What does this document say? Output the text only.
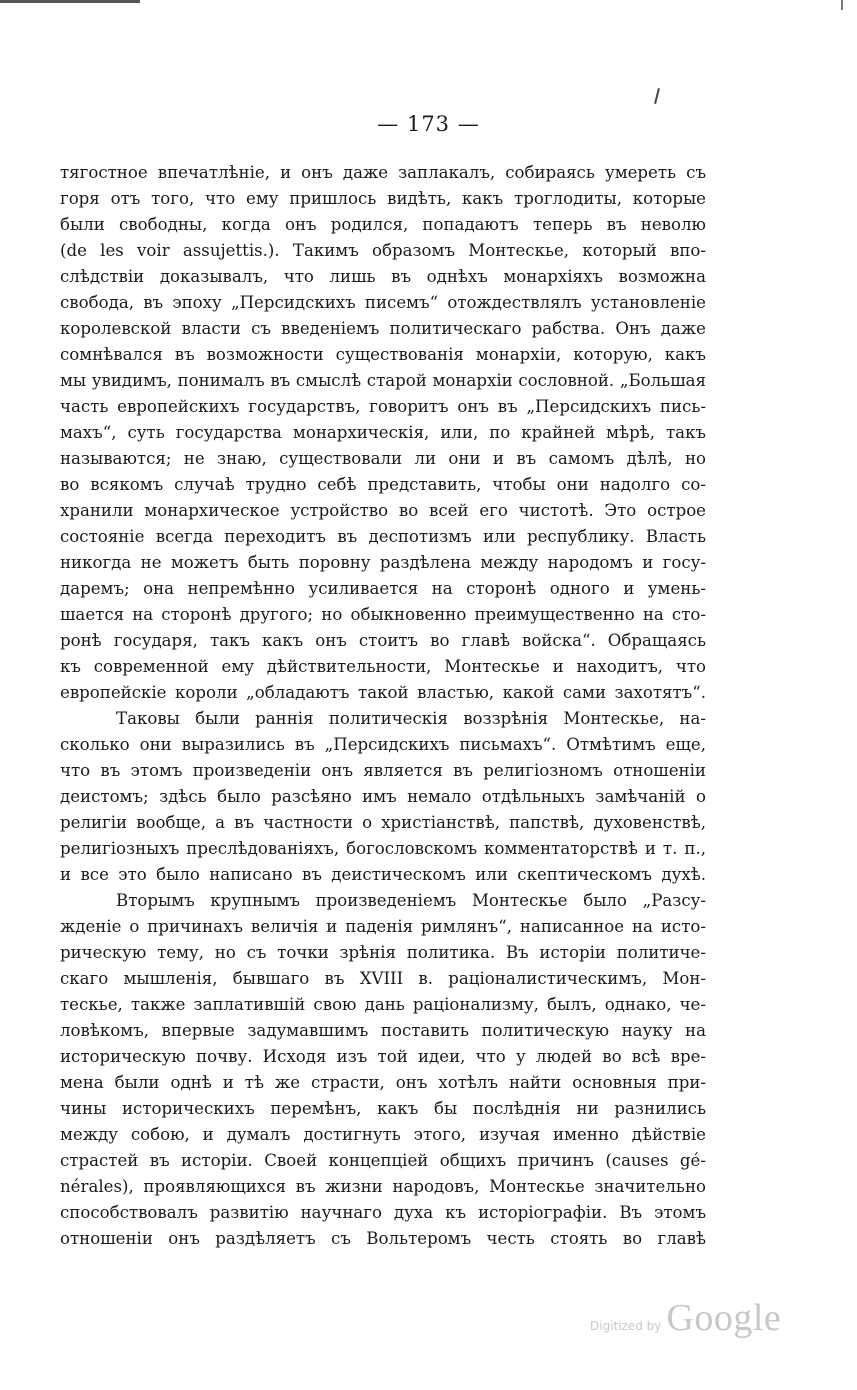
— 173 —
тягостное впечатлѣніе, и онъ даже заплакалъ, собираясь умереть съ
горя отъ того, что ему пришлось видѣть, какъ троглодиты, которые
были свободны, когда онъ родился, попадаютъ теперь въ неволю
(de les voir assujettis.). Такимъ образомъ Монтескье, который впо-
слѣдствіи доказывалъ, что лишь въ однѣхъ монархіяхъ возможна
свобода, въ эпоху „Персидскихъ писемъ“ отождествлялъ установленіе
королевской власти съ введеніемъ политическаго рабства. Онъ даже
сомнѣвался въ возможности существованія монархіи, которую, какъ
мы увидимъ, понималъ въ смыслѣ старой монархіи сословной. „Большая
часть европейскихъ государствъ, говоритъ онъ въ „Персидскихъ пись-
махъ“, суть государства монархическія, или, по крайней мѣрѣ, такъ
называются; не знаю, существовали ли они и въ самомъ дѣлѣ, но
во всякомъ случаѣ трудно себѣ представить, чтобы они надолго со-
хранили монархическое устройство во всей его чистотѣ. Это острое
состояніе всегда переходитъ въ деспотизмъ или республику. Власть
никогда не можетъ быть поровну раздѣлена между народомъ и госу-
даремъ; она непремѣнно усиливается на сторонѣ одного и умень-
шается на сторонѣ другого; но обыкновенно преимущественно на сто-
ронѣ государя, такъ какъ онъ стоитъ во главѣ войска“. Обращаясь
къ современной ему дѣйствительности, Монтескье и находитъ, что
европейскіе короли „обладаютъ такой властью, какой сами захотятъ“.
Таковы были раннія политическія воззрѣнія Монтескье, на-
сколько они выразились въ „Персидскихъ письмахъ“. Отмѣтимъ еще,
что въ этомъ произведеніи онъ является въ религіозномъ отношеніи
деистомъ; здѣсь было разсѣяно имъ немало отдѣльныхъ замѣчаній о
религіи вообще, а въ частности о христіанствѣ, папствѣ, духовенствѣ,
религіозныхъ преслѣдованіяхъ, богословскомъ комментаторствѣ и т. п.,
и все это было написано въ деистическомъ или скептическомъ духѣ.
Вторымъ крупнымъ произведеніемъ Монтескье было „Разсу-
жденіе о причинахъ величія и паденія римлянъ“, написанное на исто-
рическую тему, но съ точки зрѣнія политика. Въ исторіи политиче-
скаго мышленія, бывшаго въ XVIII в. раціоналистическимъ, Мон-
тескье, также заплатившій свою дань раціонализму, былъ, однако, че-
ловѣкомъ, впервые задумавшимъ поставить политическую науку на
историческую почву. Исходя изъ той идеи, что у людей во всѣ вре-
мена были однѣ и тѣ же страсти, онъ хотѣлъ найти основныя при-
чины историческихъ перемѣнъ, какъ бы послѣднія ни разнились
между собою, и думалъ достигнуть этого, изучая именно дѣйствіе
страстей въ исторіи. Своей концепціей общихъ причинъ (causes gé-
nérales), проявляющихся въ жизни народовъ, Монтескье значительно
способствовалъ развитію научнаго духа къ исторіографіи. Въ этомъ
отношеніи онъ раздѣляетъ съ Вольтеромъ честь стоять во главѣ
Digitized by Google
